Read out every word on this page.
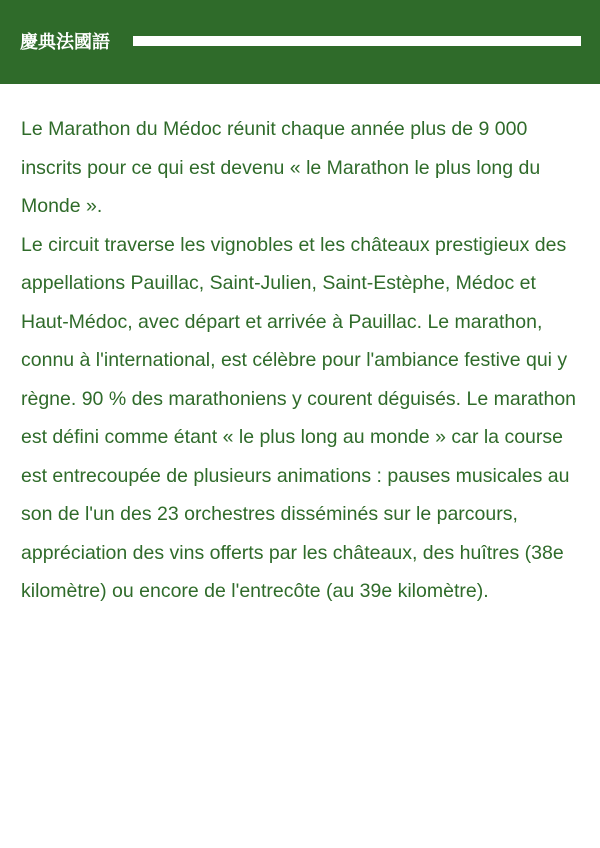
慶典法國語

Le Marathon du Médoc réunit chaque année plus de 9 000 inscrits pour ce qui est devenu « le Marathon le plus long du Monde ».

Le circuit traverse les vignobles et les châteaux prestigieux des appellations Pauillac, Saint-Julien, Saint-Estèphe, Médoc et Haut-Médoc, avec départ et arrivée à Pauillac. Le marathon, connu à l'international, est célèbre pour l'ambiance festive qui y règne. 90 % des marathoniens y courent déguisés. Le marathon est défini comme étant « le plus long au monde » car la course est entrecoupée de plusieurs animations : pauses musicales au son de l'un des 23 orchestres disséminés sur le parcours, appréciation des vins offerts par les châteaux, des huîtres (38e kilomètre) ou encore de l'entrecôte (au 39e kilomètre).
